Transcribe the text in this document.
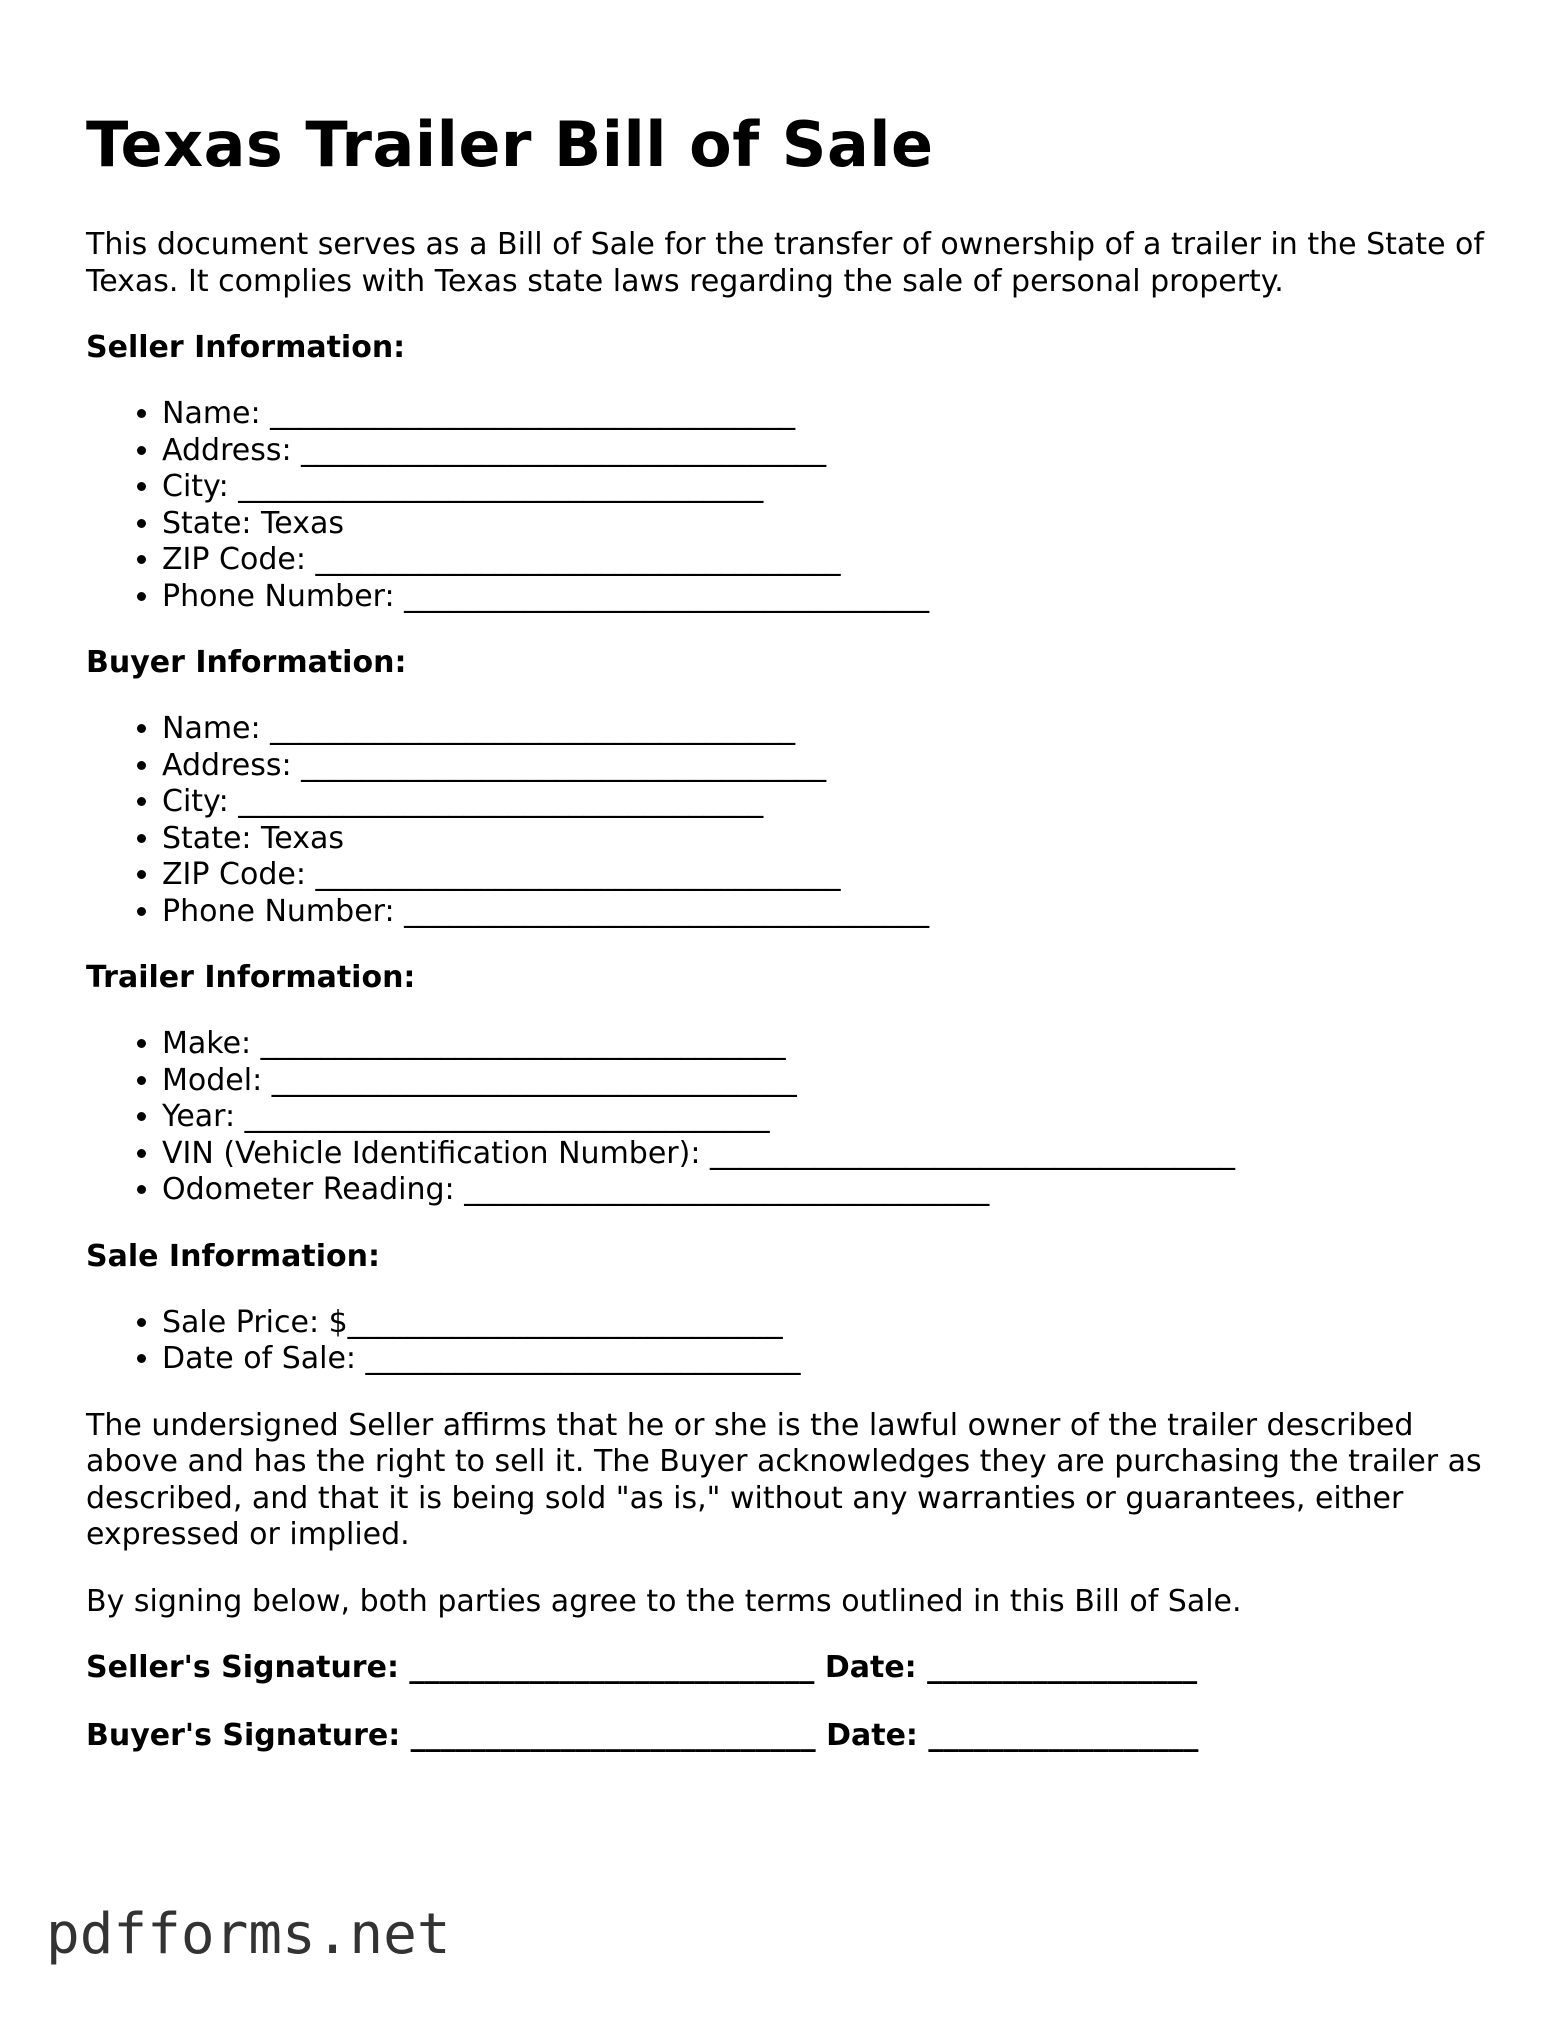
Texas Trailer Bill of Sale

This document serves as a Bill of Sale for the transfer of ownership of a trailer in the State of Texas. It complies with Texas state laws regarding the sale of personal property.

Seller Information:
• Name: ___________________________________
• Address: ___________________________________
• City: ___________________________________
• State: Texas
• ZIP Code: ___________________________________
• Phone Number: ___________________________________
Buyer Information:
• Name: ___________________________________
• Address: ___________________________________
• City: ___________________________________
• State: Texas
• ZIP Code: ___________________________________
• Phone Number: ___________________________________
Trailer Information:
• Make: ___________________________________
• Model: ___________________________________
• Year: ___________________________________
• VIN (Vehicle Identification Number): ___________________________________
• Odometer Reading: ___________________________________
Sale Information:
• Sale Price: $_____________________________
• Date of Sale: _____________________________

The undersigned Seller affirms that he or she is the lawful owner of the trailer described above and has the right to sell it. The Buyer acknowledges they are purchasing the trailer as described, and that it is being sold "as is," without any warranties or guarantees, either expressed or implied.

By signing below, both parties agree to the terms outlined in this Bill of Sale.

Seller's Signature: ___________________________ Date: __________________
Buyer's Signature: ___________________________ Date: __________________
pdfforms.net
